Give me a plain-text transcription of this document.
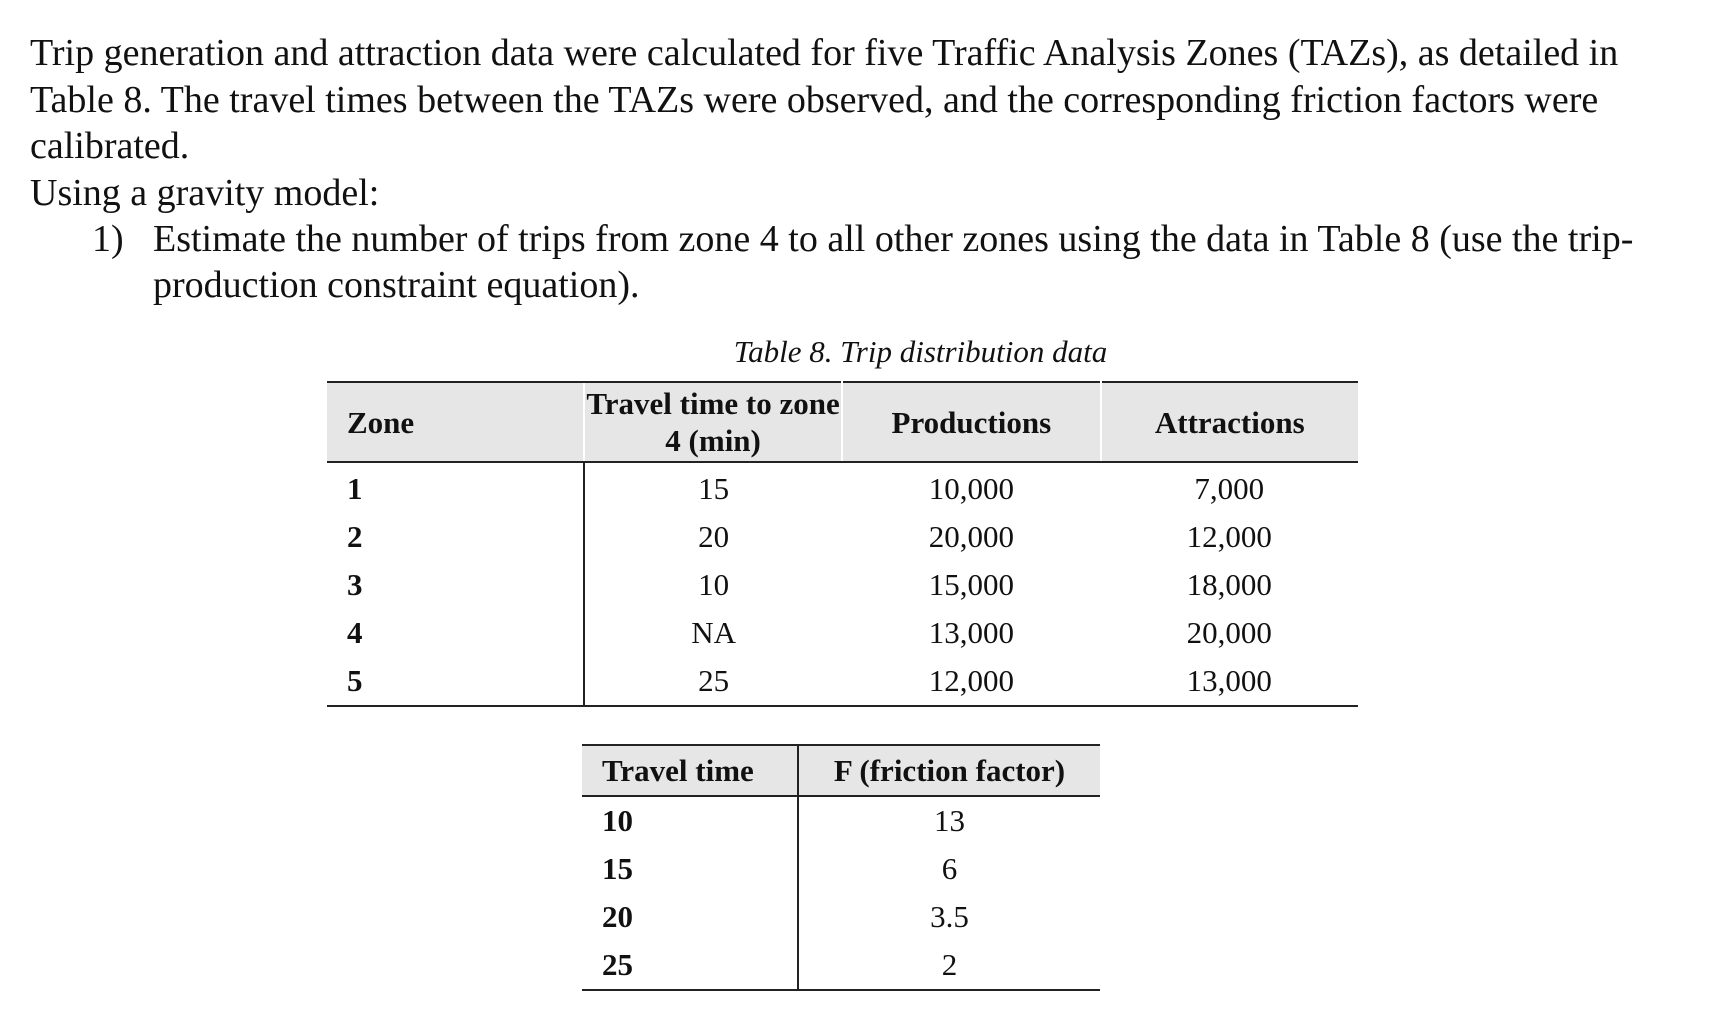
Trip generation and attraction data were calculated for five Traffic Analysis Zones (TAZs), as detailed in Table 8. The travel times between the TAZs were observed, and the corresponding friction factors were calibrated.

Using a gravity model:

1) Estimate the number of trips from zone 4 to all other zones using the data in Table 8 (use the trip-production constraint equation).
Table 8. Trip distribution data
Zone	Travel time to zone 4 (min)	Productions	Attractions
1	15	10,000	7,000
2	20	20,000	12,000
3	10	15,000	18,000
4	NA	13,000	20,000
5	25	12,000	13,000
Travel time	F (friction factor)
10	13
15	6
20	3.5
25	2
